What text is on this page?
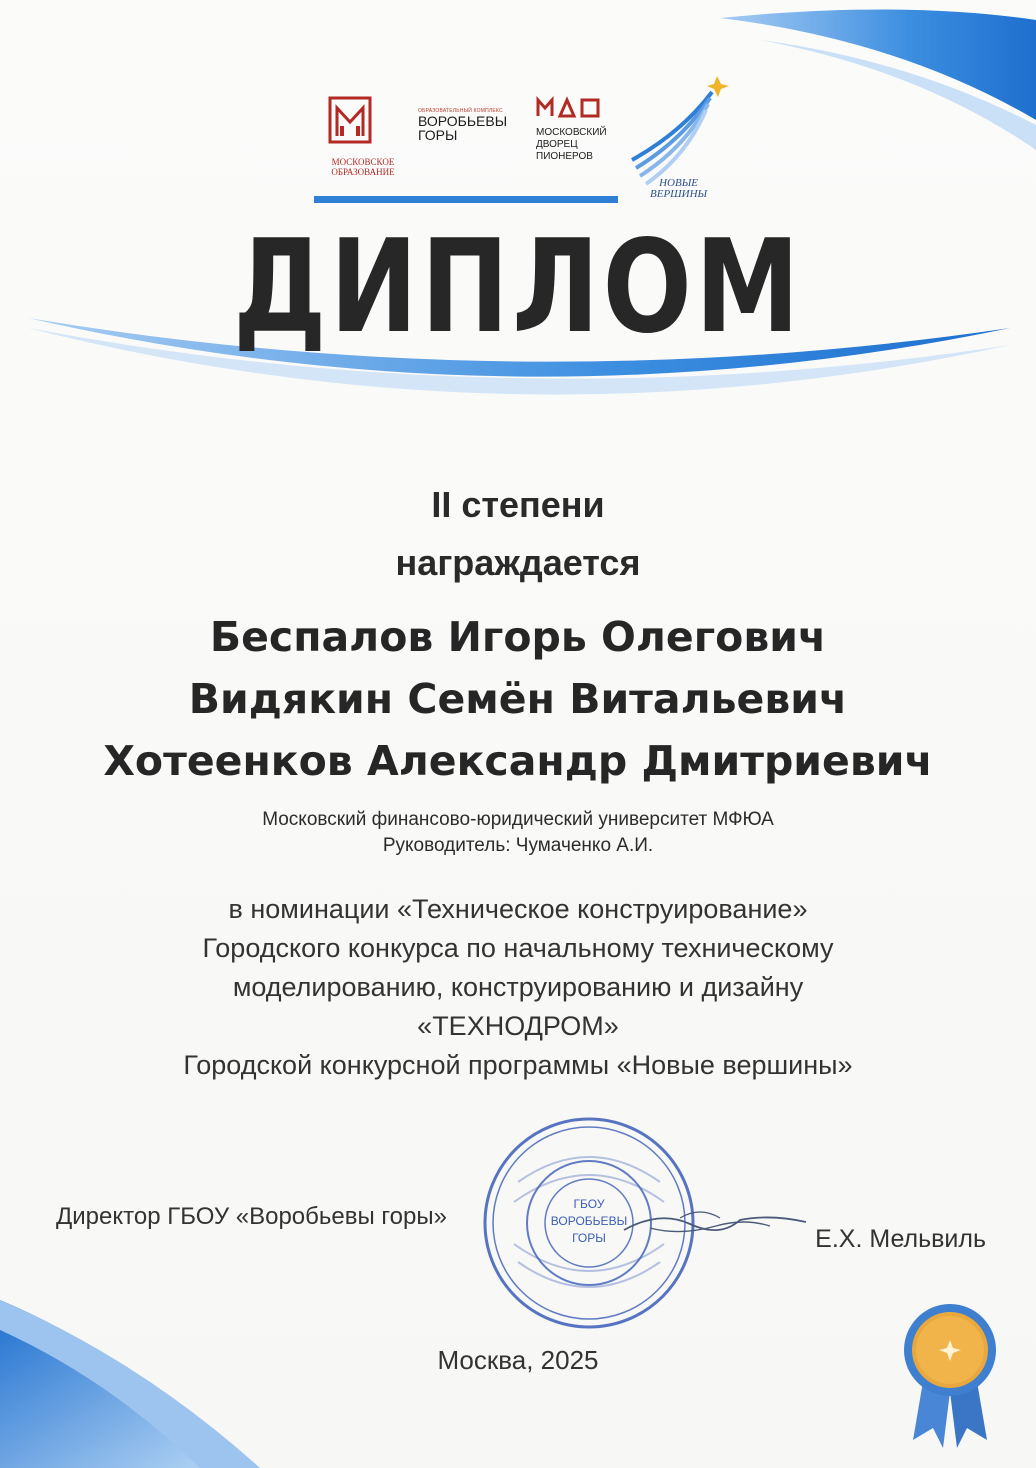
МОСКОВСКОЕ ОБРАЗОВАНИЕ
ОБРАЗОВАТЕЛЬНЫЙ КОМПЛЕКС
ВОРОБЬЕВЫ ГОРЫ	МОСКОВСКИЙ
ДВОРЕЦ
ПИОНЕРОВ
НОВЫЕ
ВЕРШИНЫ
ДИПЛОМ
II степени
награждается
Беспалов Игорь Олегович
Видякин Семён Витальевич
Хотеенков Александр Дмитриевич
Московский финансово-юридический университет МФЮА
Руководитель: Чумаченко А.И.
в номинации «Техническое конструирование»
Городского конкурса по начальному техническому
моделированию, конструированию и дизайну
«ТЕХНОДРОМ»
Городской конкурсной программы «Новые вершины»
ГБОУ
ВОРОБЬЕВЫ
ГОРЫ
Директор ГБОУ «Воробьевы горы»
Е.Х. Мельвиль
Москва, 2025
